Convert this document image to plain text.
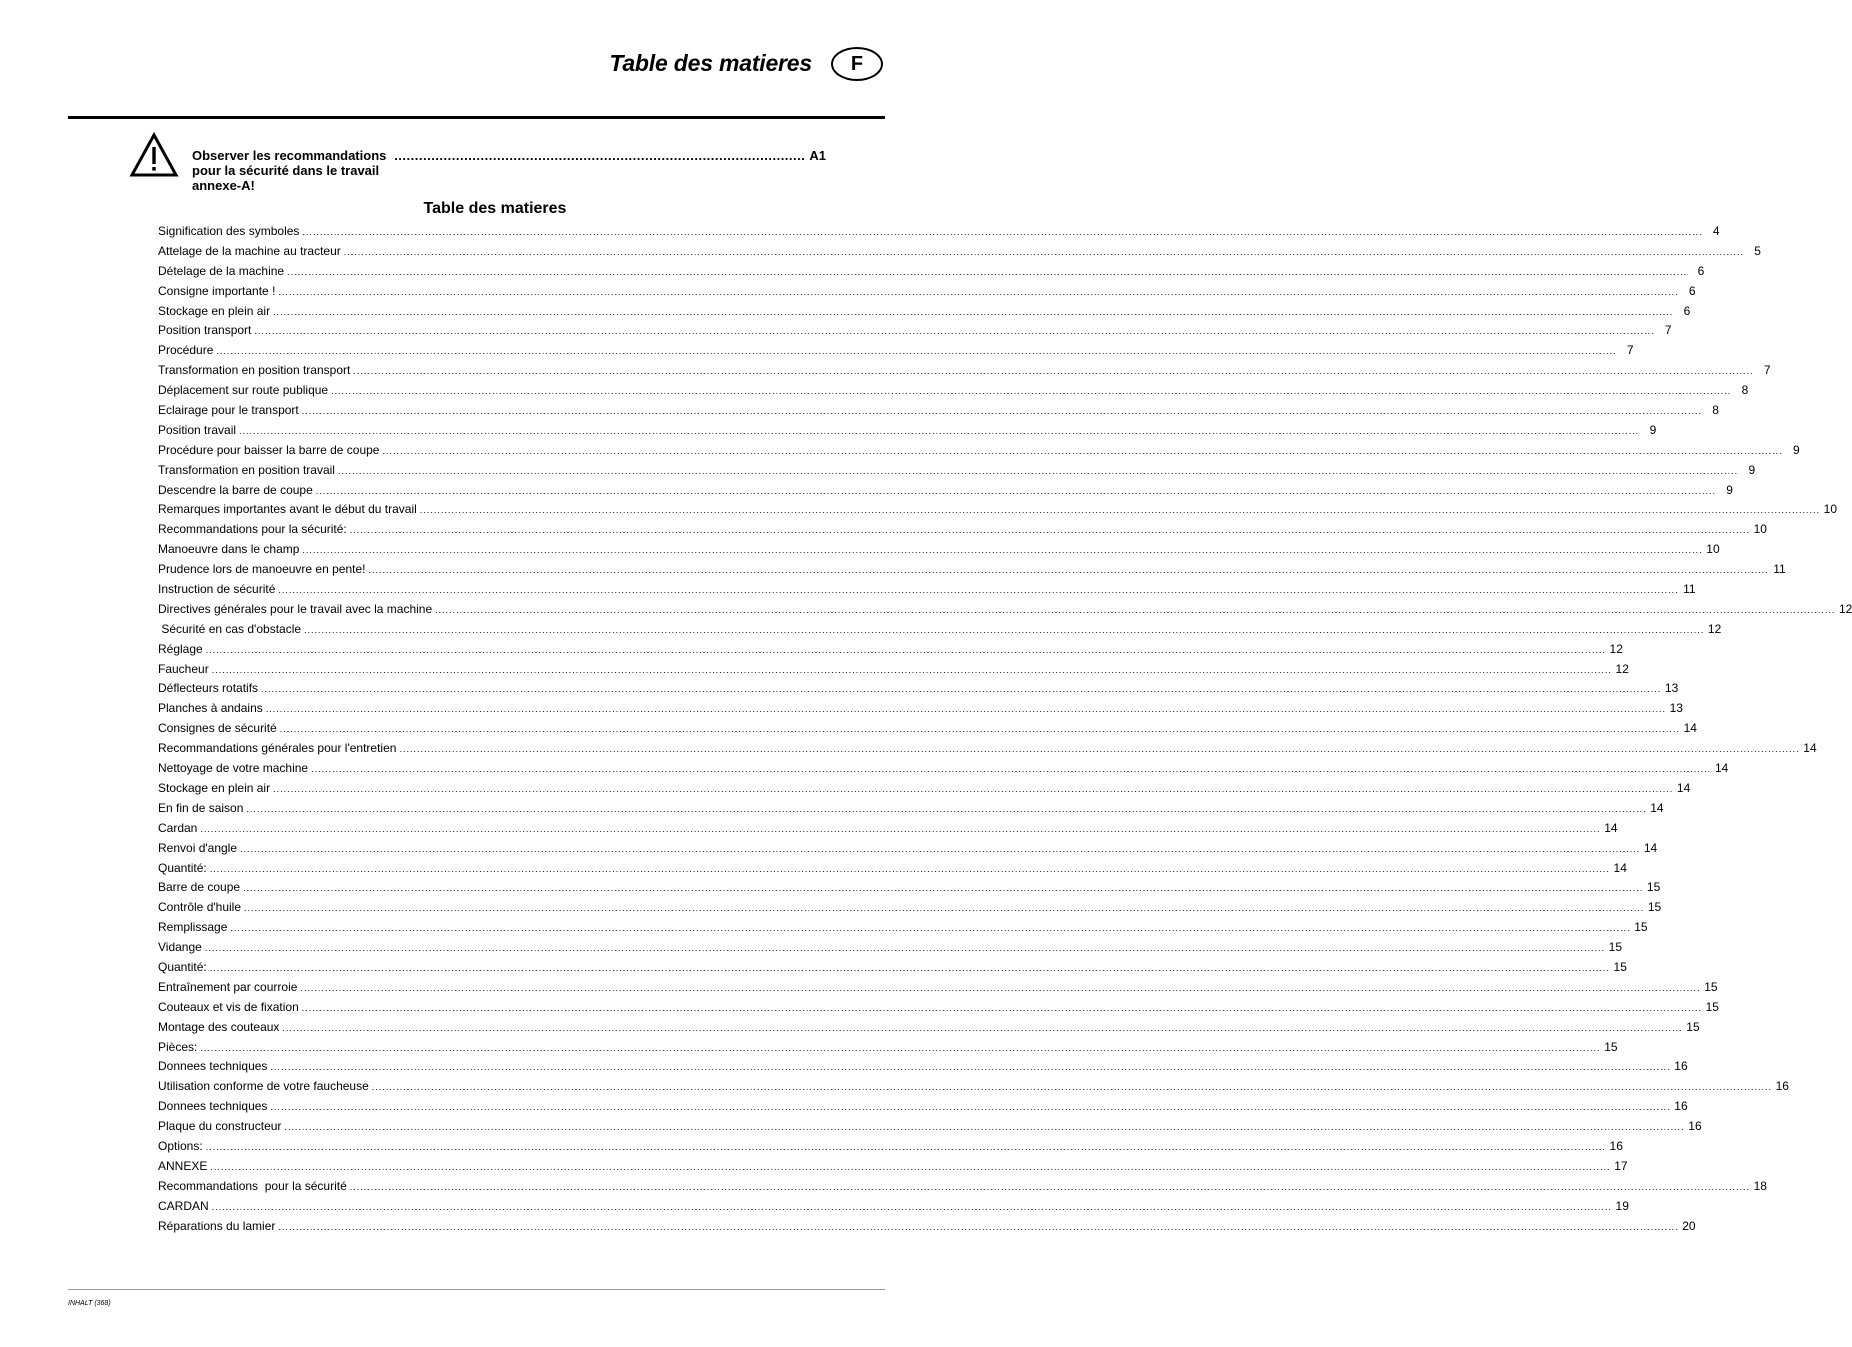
Table des matieres	F
Observer les recommandations pour la sécurité dans le travail annexe-A!
.................................................................................................... A1
Table des matieres
Signification des symboles ................................................................................................................................................................................................................................................................................................................................................................................................................ 4
Attelage de la machine au tracteur ................................................................................................................................................................................................................................................................................................................................................................................................................ 5
Dételage de la machine ................................................................................................................................................................................................................................................................................................................................................................................................................ 6
Consigne importante ! ................................................................................................................................................................................................................................................................................................................................................................................................................ 6
Stockage en plein air ................................................................................................................................................................................................................................................................................................................................................................................................................ 6
Position transport ................................................................................................................................................................................................................................................................................................................................................................................................................ 7
Procédure ................................................................................................................................................................................................................................................................................................................................................................................................................ 7
Transformation en position transport ................................................................................................................................................................................................................................................................................................................................................................................................................ 7
Déplacement sur route publique ................................................................................................................................................................................................................................................................................................................................................................................................................ 8
Eclairage pour le transport ................................................................................................................................................................................................................................................................................................................................................................................................................ 8
Position travail ................................................................................................................................................................................................................................................................................................................................................................................................................ 9
Procédure pour baisser la barre de coupe ................................................................................................................................................................................................................................................................................................................................................................................................................ 9
Transformation en position travail ................................................................................................................................................................................................................................................................................................................................................................................................................ 9
Descendre la barre de coupe ................................................................................................................................................................................................................................................................................................................................................................................................................ 9
Remarques importantes avant le début du travail ................................................................................................................................................................................................................................................................................................................................................................................................................ 10
Recommandations pour la sécurité: ................................................................................................................................................................................................................................................................................................................................................................................................................ 10
Manoeuvre dans le champ ................................................................................................................................................................................................................................................................................................................................................................................................................ 10
Prudence lors de manoeuvre en pente! ................................................................................................................................................................................................................................................................................................................................................................................................................ 11
Instruction de sécurité ................................................................................................................................................................................................................................................................................................................................................................................................................ 11
Directives générales pour le travail avec la machine ................................................................................................................................................................................................................................................................................................................................................................................................................ 12
Sécurité en cas d'obstacle ................................................................................................................................................................................................................................................................................................................................................................................................................ 12
Réglage ................................................................................................................................................................................................................................................................................................................................................................................................................ 12
Faucheur ................................................................................................................................................................................................................................................................................................................................................................................................................ 12
Déflecteurs rotatifs ................................................................................................................................................................................................................................................................................................................................................................................................................ 13
Planches à andains ................................................................................................................................................................................................................................................................................................................................................................................................................ 13
Consignes de sécurité ................................................................................................................................................................................................................................................................................................................................................................................................................ 14
Recommandations générales pour l'entretien ................................................................................................................................................................................................................................................................................................................................................................................................................ 14
Nettoyage de votre machine ................................................................................................................................................................................................................................................................................................................................................................................................................ 14
Stockage en plein air ................................................................................................................................................................................................................................................................................................................................................................................................................ 14
En fin de saison ................................................................................................................................................................................................................................................................................................................................................................................................................ 14
Cardan ................................................................................................................................................................................................................................................................................................................................................................................................................ 14
Renvoi d'angle ................................................................................................................................................................................................................................................................................................................................................................................................................ 14
Quantité: ................................................................................................................................................................................................................................................................................................................................................................................................................ 14
Barre de coupe ................................................................................................................................................................................................................................................................................................................................................................................................................ 15
Contrôle d'huile ................................................................................................................................................................................................................................................................................................................................................................................................................ 15
Remplissage ................................................................................................................................................................................................................................................................................................................................................................................................................ 15
Vidange ................................................................................................................................................................................................................................................................................................................................................................................................................ 15
Quantité: ................................................................................................................................................................................................................................................................................................................................................................................................................ 15
Entraînement par courroie ................................................................................................................................................................................................................................................................................................................................................................................................................ 15
Couteaux et vis de fixation ................................................................................................................................................................................................................................................................................................................................................................................................................ 15
Montage des couteaux ................................................................................................................................................................................................................................................................................................................................................................................................................ 15
Pièces: ................................................................................................................................................................................................................................................................................................................................................................................................................ 15
Donnees techniques ................................................................................................................................................................................................................................................................................................................................................................................................................ 16
Utilisation conforme de votre faucheuse ................................................................................................................................................................................................................................................................................................................................................................................................................ 16
Donnees techniques ................................................................................................................................................................................................................................................................................................................................................................................................................ 16
Plaque du constructeur ................................................................................................................................................................................................................................................................................................................................................................................................................ 16
Options: ................................................................................................................................................................................................................................................................................................................................................................................................................ 16
ANNEXE ................................................................................................................................................................................................................................................................................................................................................................................................................ 17
Recommandations  pour la sécurité ................................................................................................................................................................................................................................................................................................................................................................................................................ 18
CARDAN ................................................................................................................................................................................................................................................................................................................................................................................................................ 19
Réparations du lamier ................................................................................................................................................................................................................................................................................................................................................................................................................ 20
INHALT (368)
